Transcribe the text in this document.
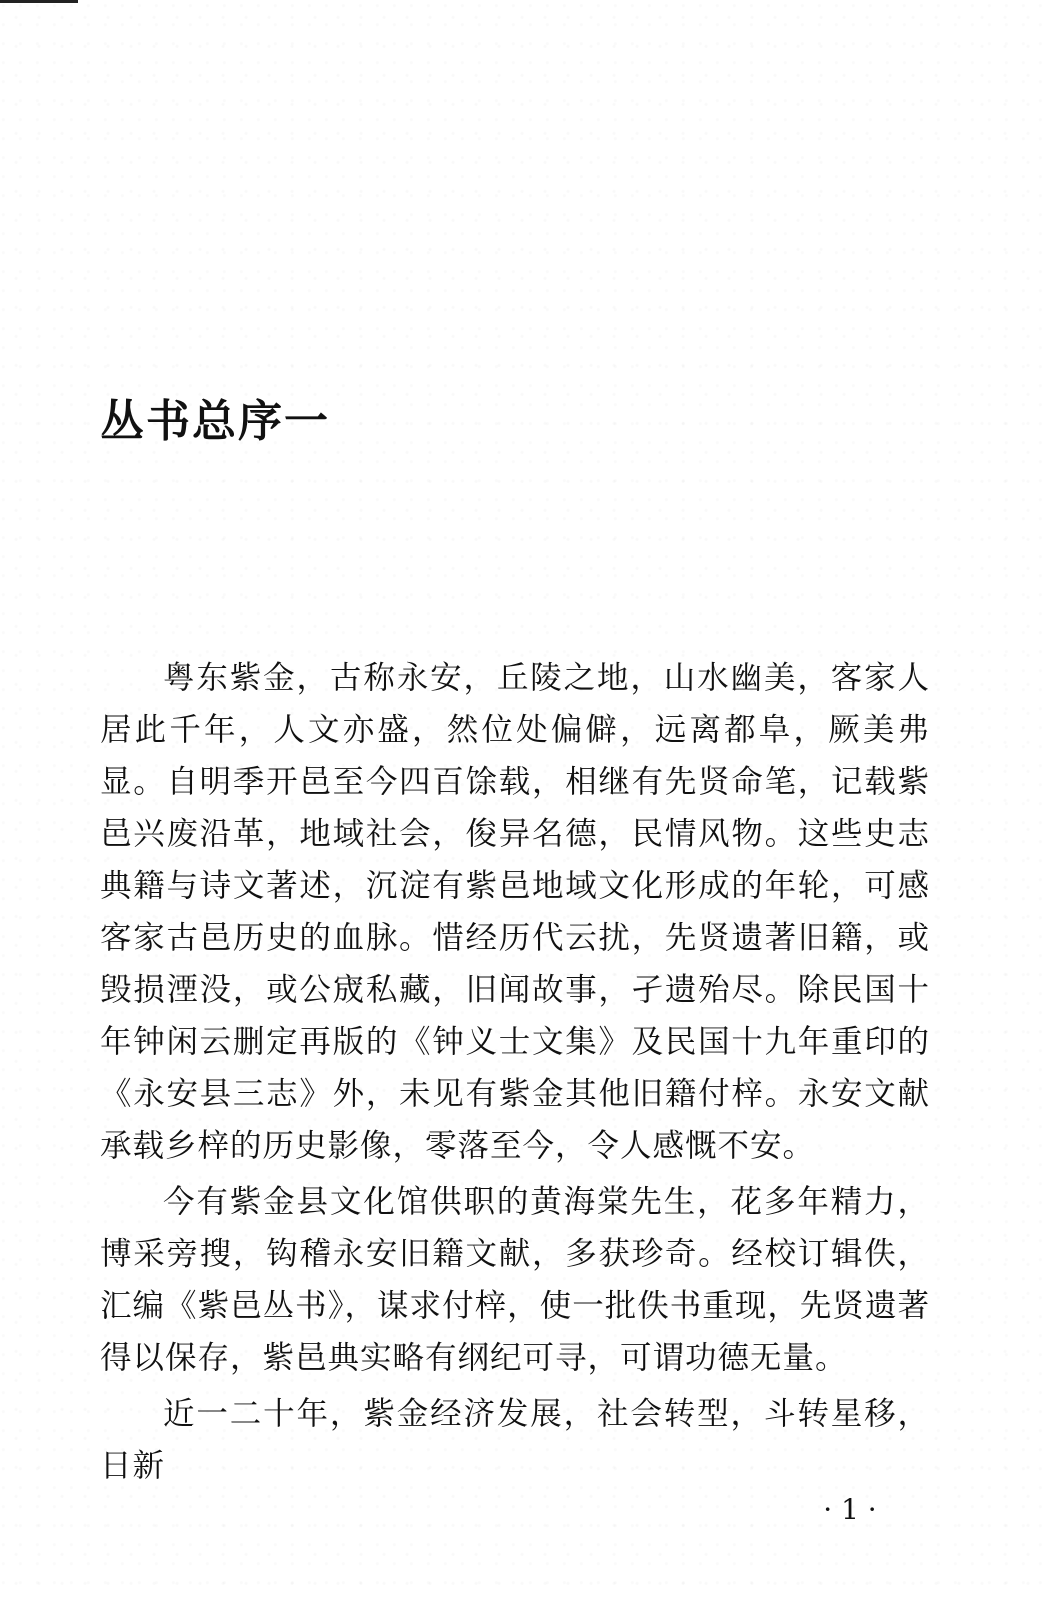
丛书总序一

粤东紫金，古称永安，丘陵之地，山水幽美，客家人居此千年，人文亦盛，然位处偏僻，远离都阜，厥美弗显。自明季开邑至今四百馀载，相继有先贤命笔，记载紫邑兴废沿革，地域社会，俊异名德，民情风物。这些史志典籍与诗文著述，沉淀有紫邑地域文化形成的年轮，可感客家古邑历史的血脉。惜经历代云扰，先贤遗著旧籍，或毁损湮没，或公宬私藏，旧闻故事，孑遗殆尽。除民国十年钟闲云删定再版的《钟义士文集》及民国十九年重印的《永安县三志》外，未见有紫金其他旧籍付梓。永安文献承载乡梓的历史影像，零落至今，令人感慨不安。

今有紫金县文化馆供职的黄海棠先生，花多年精力，博采旁搜，钩稽永安旧籍文献，多获珍奇。经校订辑佚，汇编《紫邑丛书》，谋求付梓，使一批佚书重现，先贤遗著得以保存，紫邑典实略有纲纪可寻，可谓功德无量。

近一二十年，紫金经济发展，社会转型，斗转星移，日新

· 1 ·
